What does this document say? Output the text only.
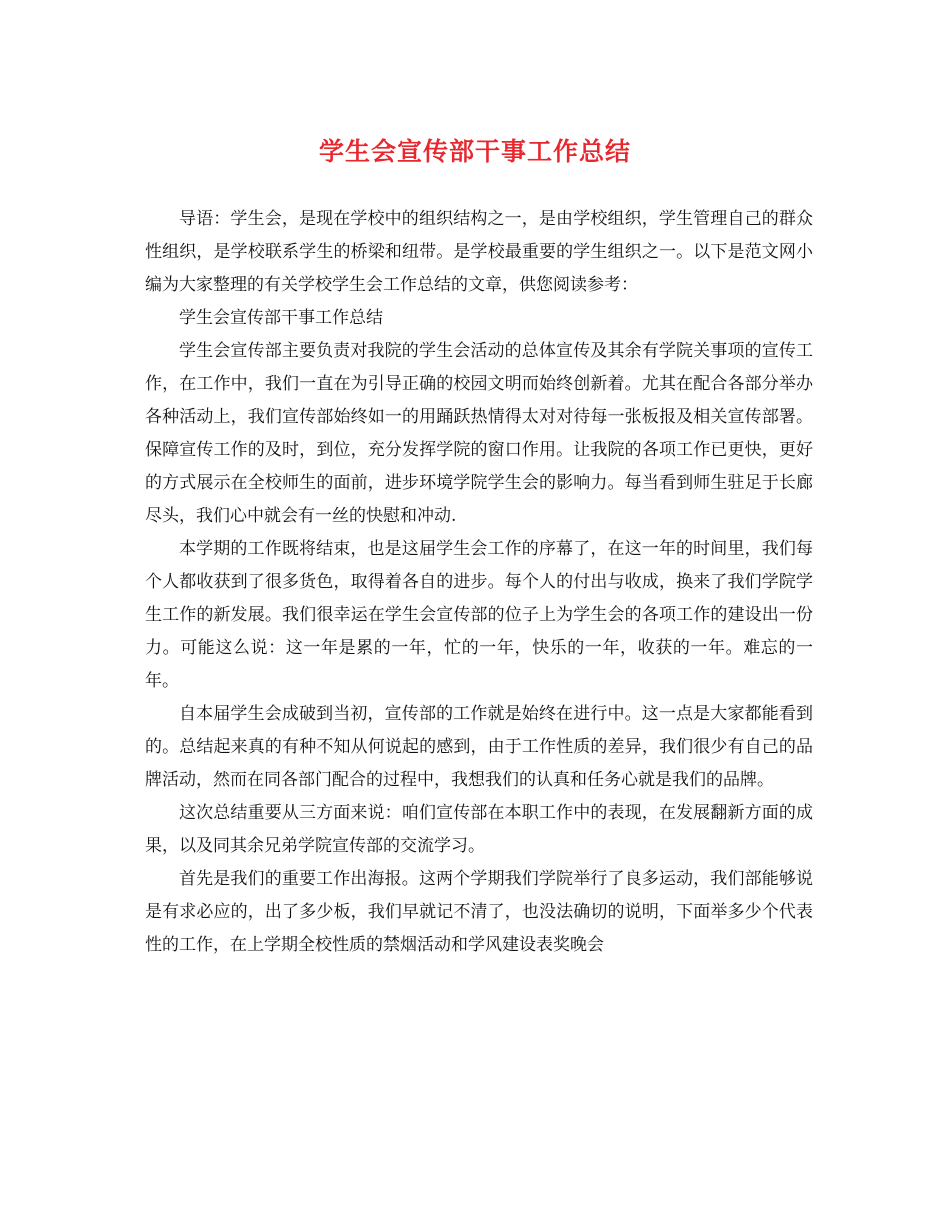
学生会宣传部干事工作总结

导语：学生会，是现在学校中的组织结构之一，是由学校组织，学生管理自己的群众性组织，是学校联系学生的桥梁和纽带。是学校最重要的学生组织之一。以下是范文网小编为大家整理的有关学校学生会工作总结的文章，供您阅读参考：

学生会宣传部干事工作总结

学生会宣传部主要负责对我院的学生会活动的总体宣传及其余有学院关事项的宣传工作，在工作中，我们一直在为引导正确的校园文明而始终创新着。尤其在配合各部分举办各种活动上，我们宣传部始终如一的用踊跃热情得太对对待每一张板报及相关宣传部署。保障宣传工作的及时，到位，充分发挥学院的窗口作用。让我院的各项工作已更快，更好的方式展示在全校师生的面前，进步环境学院学生会的影响力。每当看到师生驻足于长廊尽头，我们心中就会有一丝的快慰和冲动.

本学期的工作既将结束，也是这届学生会工作的序幕了，在这一年的时间里，我们每个人都收获到了很多货色，取得着各自的进步。每个人的付出与收成，换来了我们学院学生工作的新发展。我们很幸运在学生会宣传部的位子上为学生会的各项工作的建设出一份力。可能这么说：这一年是累的一年，忙的一年，快乐的一年，收获的一年。难忘的一年。

自本届学生会成破到当初，宣传部的工作就是始终在进行中。这一点是大家都能看到的。总结起来真的有种不知从何说起的感到，由于工作性质的差异，我们很少有自己的品牌活动，然而在同各部门配合的过程中，我想我们的认真和任务心就是我们的品牌。

这次总结重要从三方面来说：咱们宣传部在本职工作中的表现，在发展翻新方面的成果，以及同其余兄弟学院宣传部的交流学习。

首先是我们的重要工作出海报。这两个学期我们学院举行了良多运动，我们部能够说是有求必应的，出了多少板，我们早就记不清了，也没法确切的说明，下面举多少个代表性的工作，在上学期全校性质的禁烟活动和学风建设表奖晚会
